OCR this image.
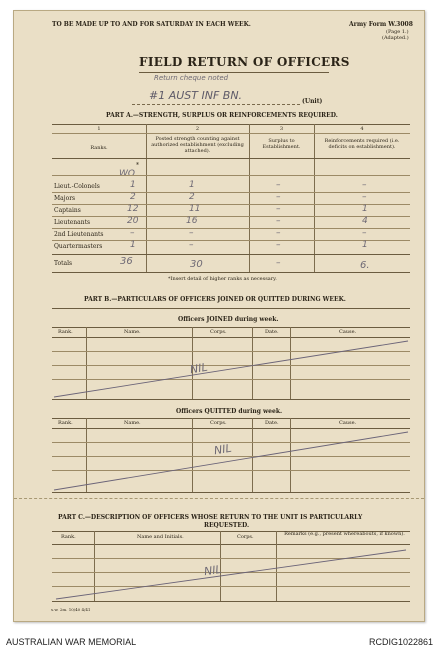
TO BE MADE UP TO AND FOR SATURDAY IN EACH WEEK.	Army Form W.3008
(Page 1.)
(Adapted.)
FIELD RETURN OF OFFICERS
Return cheque noted
#1 AUST INF BN.	(Unit)
PART A.—STRENGTH, SURPLUS OR REINFORCEMENTS REQUIRED.
1	2	3	4
Ranks.
Posted strength counting against authorized establishment (excluding attached).
Surplus to Establishment.
Reinforcements required (i.e. deficits on establishment).
*
WO
Lieut.-Colonels	1	1	–	–
Majors	2	2	–	–
Captains	12	11	–	1
Lieutenants	20	16	–	4
2nd Lieutenants	–	–	–	–
Quartermasters	1	–	–	1
Totals	36	30	–	6.
*Insert detail of higher ranks as necessary.
PART B.—PARTICULARS OF OFFICERS JOINED OR QUITTED DURING WEEK.
Officers JOINED during week.
Rank.	Name.	Corps.	Date.	Cause.
NIL
Officers QUITTED during week.
Rank.	Name.	Corps.	Date.	Cause.
NIL
PART C.—DESCRIPTION OF OFFICERS WHOSE RETURN TO THE UNIT IS PARTICULARLY
REQUESTED.
Rank.	Name and Initials.	Corps.	Remarks (e.g., present whereabouts, if known).
NIL
s.w. 2m. 10/40 4/41
AUSTRALIAN WAR MEMORIAL	RCDIG1022861
